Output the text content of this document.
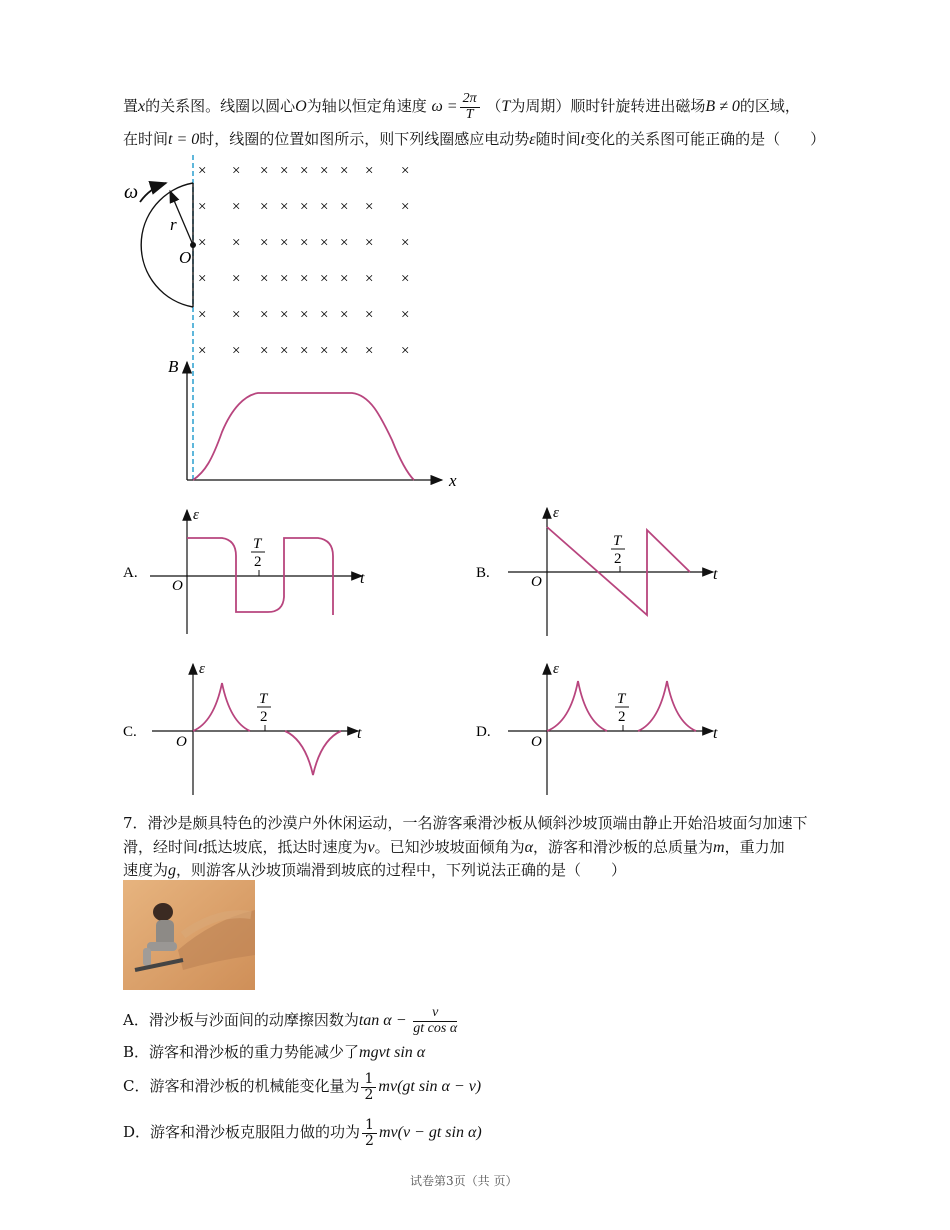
置x的关系图。线圈以圆心O为轴以恒定角速度 $\omega = \frac{2\pi}{T} (T$为周期）顺时针旋转进出磁场B ≠ 0的区域，
在时间t = 0时，线圈的位置如图所示，则下列线圈感应电动势ε随时间t变化的关系图可能正确的是（　　）
ω
r
O
× × × × × × × × ×
× × × × × × × × ×
× × × × × × × × ×
× × × × × × × × ×
× × × × × × × × ×
× × × × × × × × ×
B
x
A.
ε
t
O
T
2
B.
ε
t
O
T
2
C.
ε
t
O
T
2
D.
ε
t
O
T
2
7．滑沙是颇具特色的沙漠户外休闲运动，一名游客乘滑沙板从倾斜沙坡顶端由静止开始沿坡面匀加速下
滑，经时间t抵达坡底，抵达时速度为v。已知沙坡坡面倾角为α，游客和滑沙板的总质量为m，重力加
速度为g，则游客从沙坡顶端滑到坡底的过程中，下列说法正确的是（　　）
A．滑沙板与沙面间的动摩擦因数为$\tan \alpha - \frac{v}{\text{gt cos α}}$
B．游客和滑沙板的重力势能减少了mgvt sin α
C．游客和滑沙板的机械能变化量为 $\frac{1}{2} mv(gt$ sin α − v)
D．游客和滑沙板克服阻力做的功为 $\frac{1}{2} mv(v$ − gt sin α)
试卷第3页（共 页）
